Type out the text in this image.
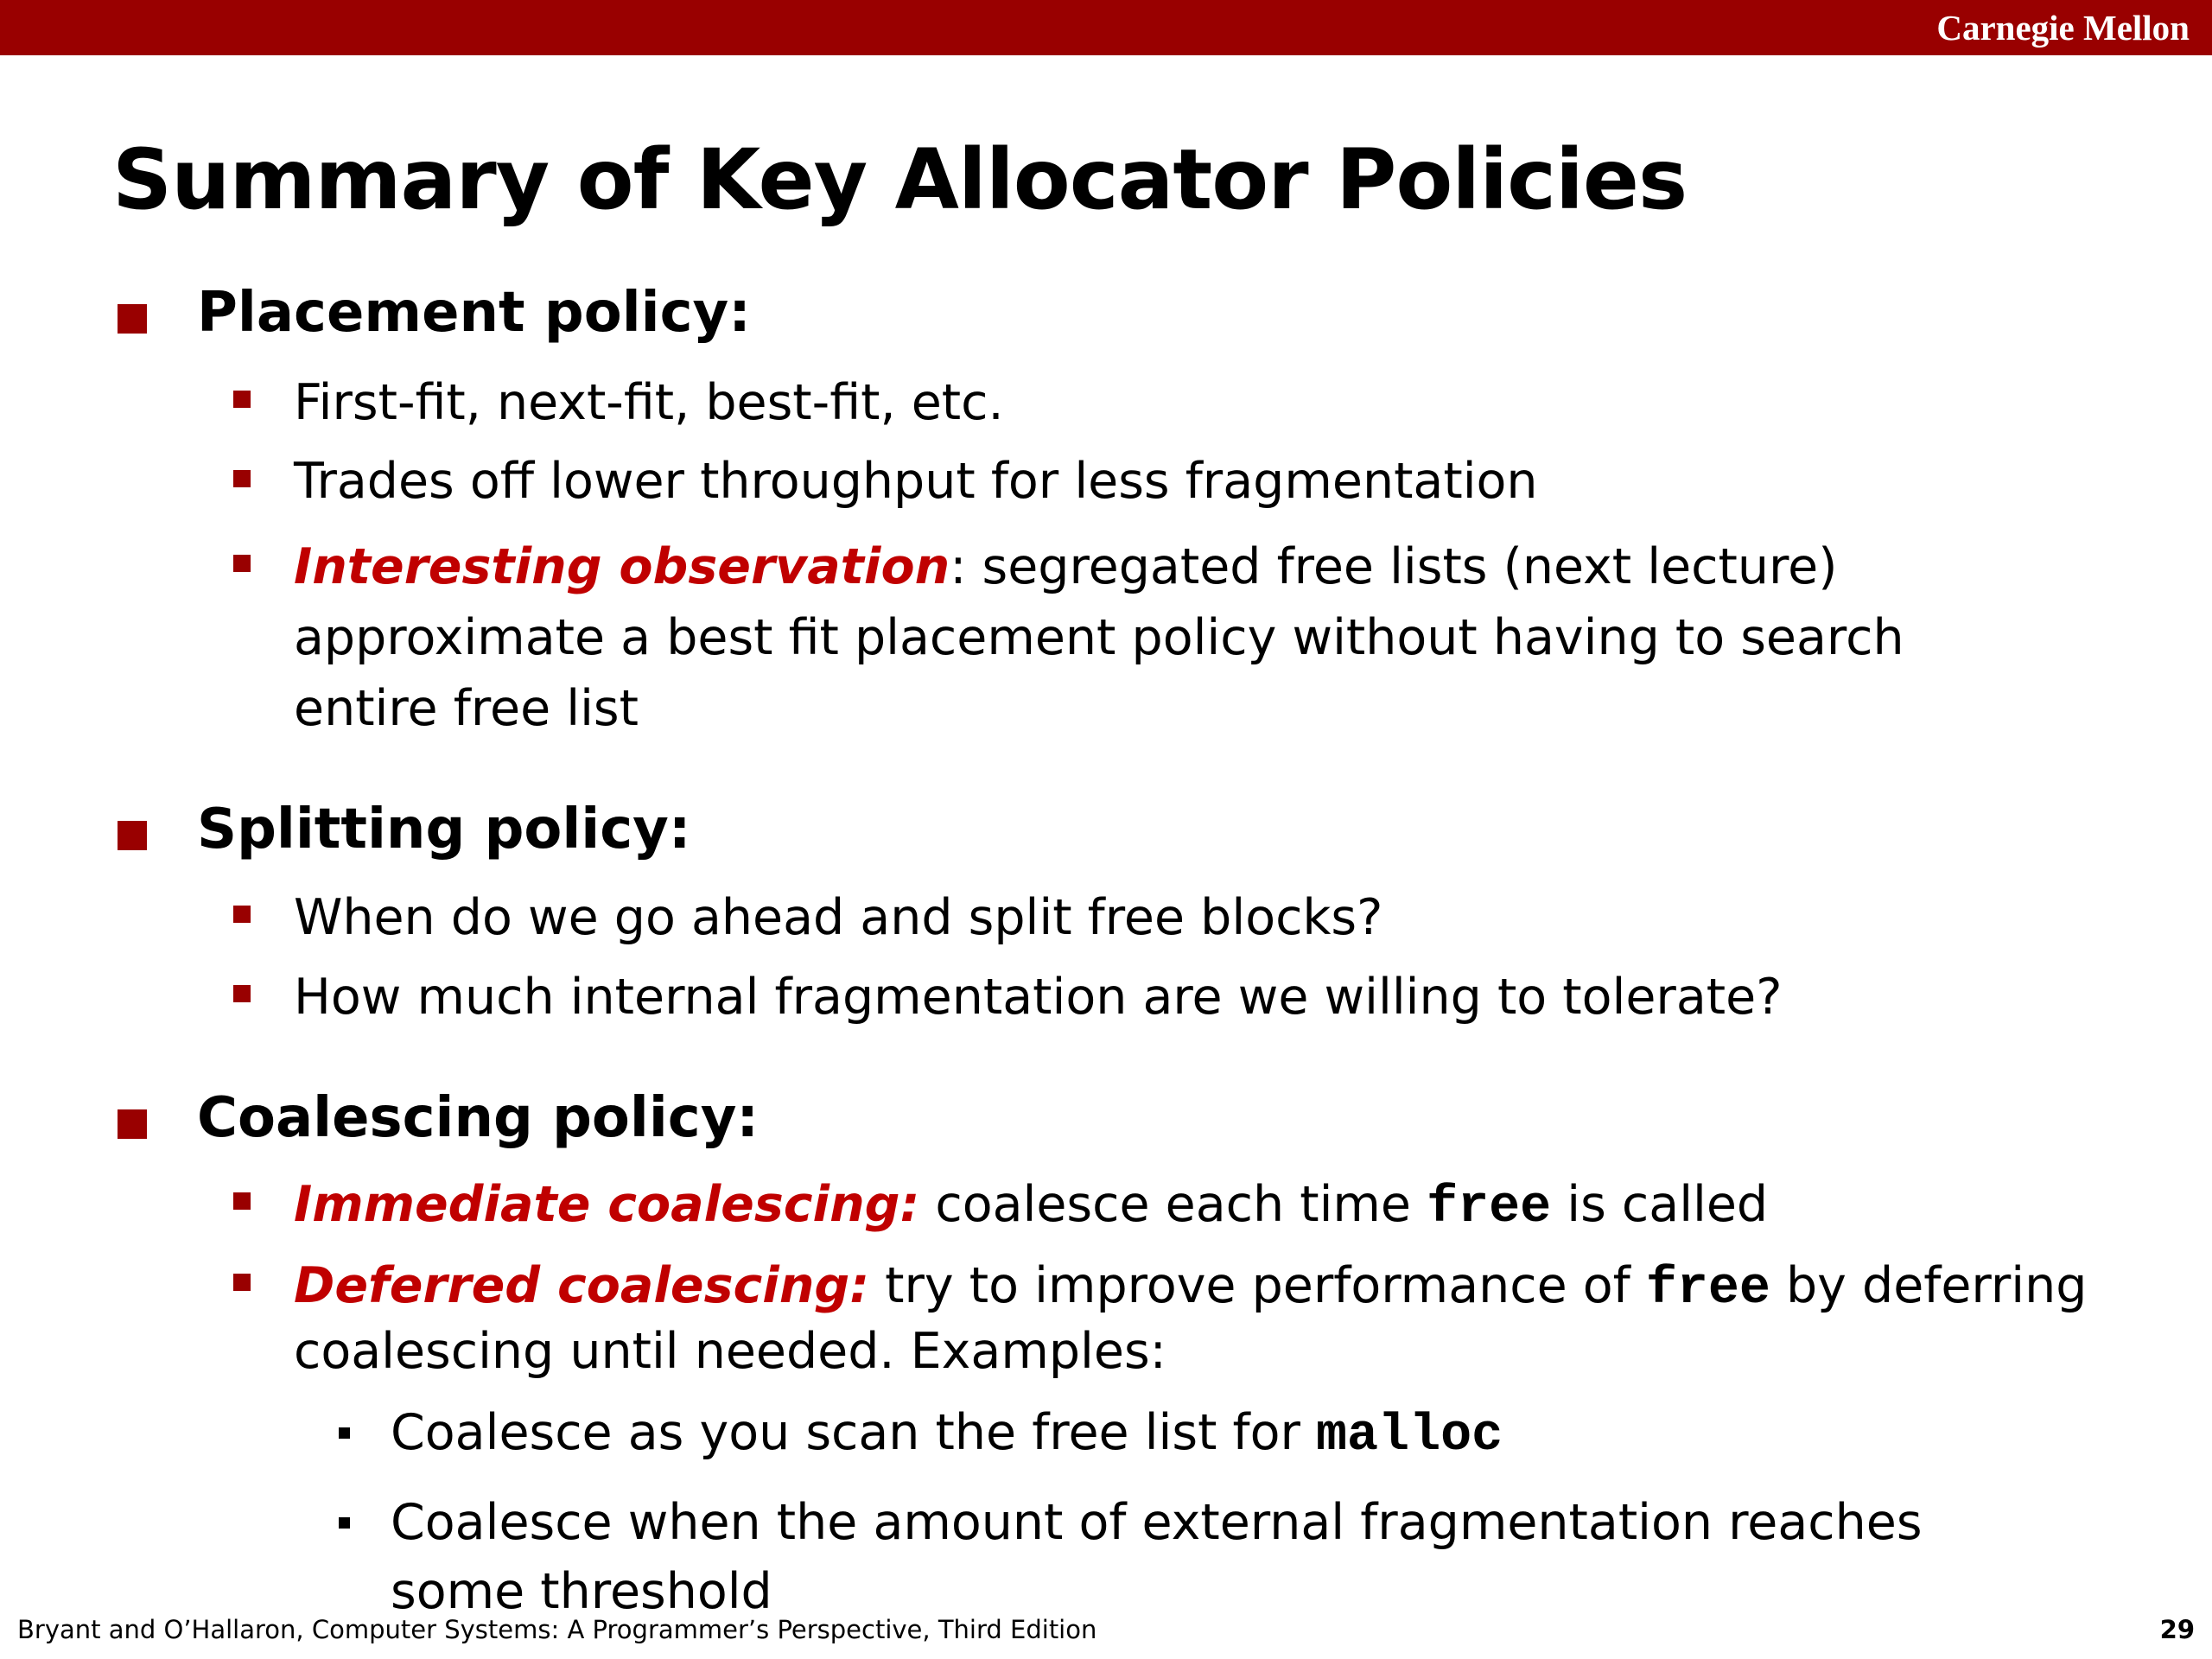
Carnegie Mellon
Summary of Key Allocator Policies
Placement policy:
First-fit, next-fit, best-fit, etc.
Trades off lower throughput for less fragmentation
Interesting observation: segregated free lists (next lecture)
approximate a best fit placement policy without having to search
entire free list
Splitting policy:
When do we go ahead and split free blocks?
How much internal fragmentation are we willing to tolerate?
Coalescing policy:
Immediate coalescing: coalesce each time free is called
Deferred coalescing: try to improve performance of free by deferring
coalescing until needed. Examples:
Coalesce as you scan the free list for malloc
Coalesce when the amount of external fragmentation reaches
some threshold
Bryant and O’Hallaron, Computer Systems: A Programmer’s Perspective, Third Edition	29
